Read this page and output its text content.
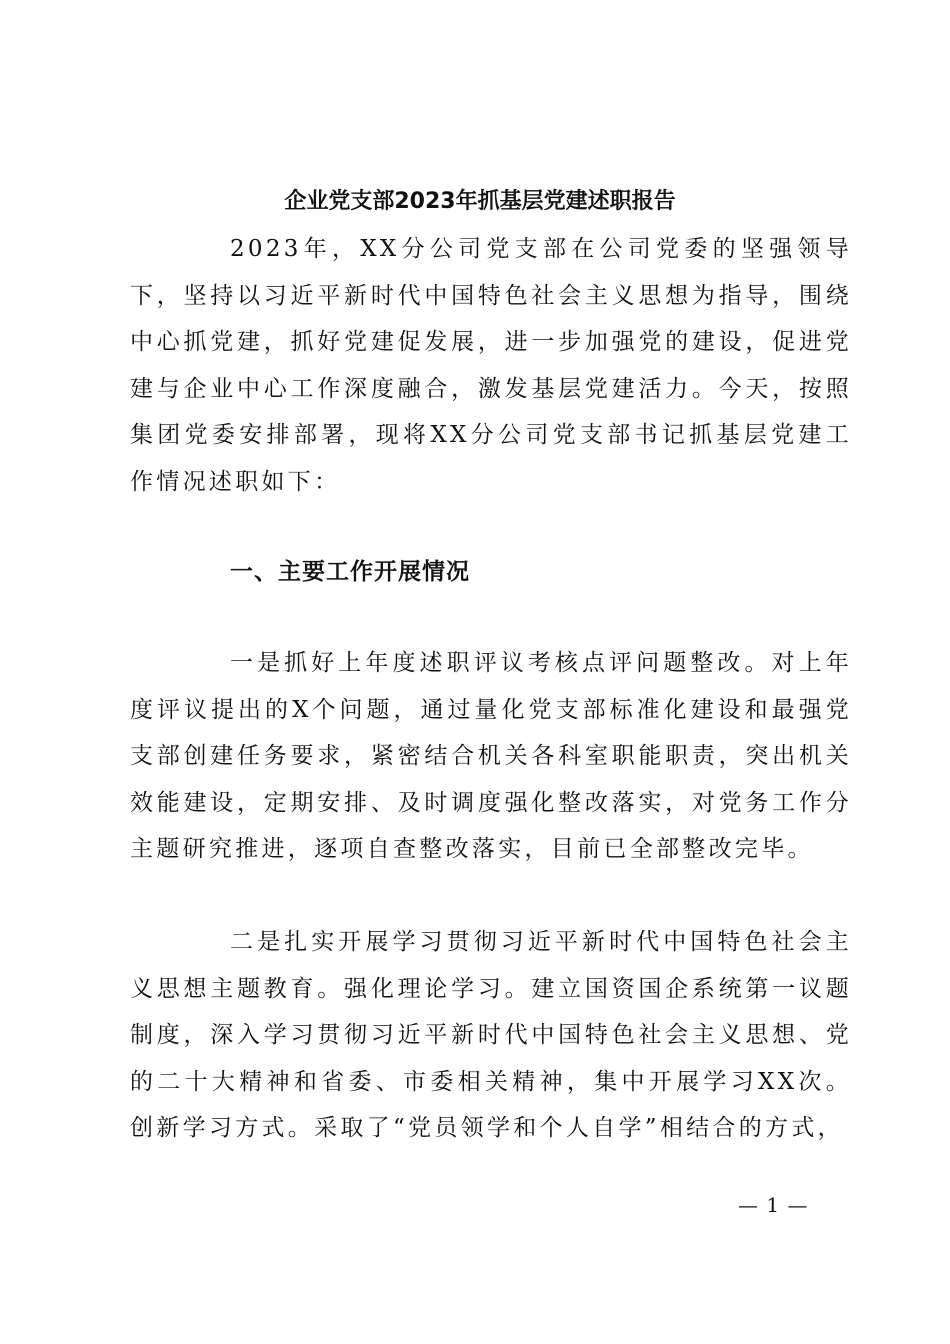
企业党支部2023年抓基层党建述职报告

2023年，XX分公司党支部在公司党委的坚强领导下，坚持以习近平新时代中国特色社会主义思想为指导，围绕中心抓党建，抓好党建促发展，进一步加强党的建设，促进党建与企业中心工作深度融合，激发基层党建活力。今天，按照集团党委安排部署，现将XX分公司党支部书记抓基层党建工作情况述职如下：

一、主要工作开展情况

一是抓好上年度述职评议考核点评问题整改。对上年度评议提出的X个问题，通过量化党支部标准化建设和最强党支部创建任务要求，紧密结合机关各科室职能职责，突出机关效能建设，定期安排、及时调度强化整改落实，对党务工作分主题研究推进，逐项自查整改落实，目前已全部整改完毕。

二是扎实开展学习贯彻习近平新时代中国特色社会主义思想主题教育。强化理论学习。建立国资国企系统第一议题制度，深入学习贯彻习近平新时代中国特色社会主义思想、党的二十大精神和省委、市委相关精神，集中开展学习XX次。创新学习方式。采取了“党员领学和个人自学”相结合的方式，

— 1 —
